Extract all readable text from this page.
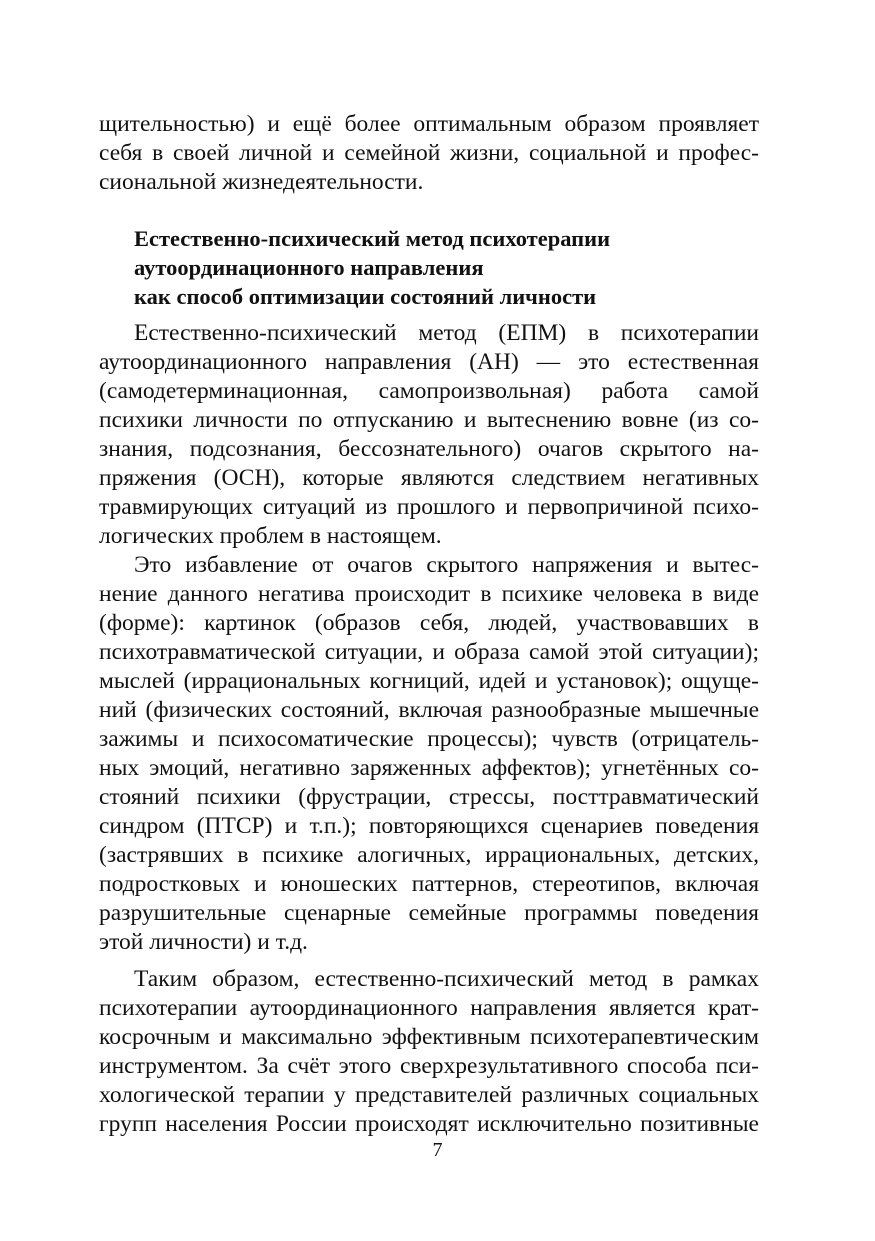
щительностью) и ещё более оптимальным образом проявляет
себя в своей личной и семейной жизни, социальной и профес-
сиональной жизнедеятельности.
Естественно-психический метод психотерапии
аутоординационного направления
как способ оптимизации состояний личности
Естественно-психический метод (ЕПМ) в психотерапии
аутоординационного направления (АН) — это естественная
(самодетерминационная, самопроизвольная) работа самой
психики личности по отпусканию и вытеснению вовне (из со-
знания, подсознания, бессознательного) очагов скрытого на-
пряжения (ОСН), которые являются следствием негативных
травмирующих ситуаций из прошлого и первопричиной психо-
логических проблем в настоящем.
Это избавление от очагов скрытого напряжения и вытес-
нение данного негатива происходит в психике человека в виде
(форме): картинок (образов себя, людей, участвовавших в
психотравматической ситуации, и образа самой этой ситуации);
мыслей (иррациональных когниций, идей и установок); ощуще-
ний (физических состояний, включая разнообразные мышечные
зажимы и психосоматические процессы); чувств (отрицатель-
ных эмоций, негативно заряженных аффектов); угнетённых со-
стояний психики (фрустрации, стрессы, посттравматический
синдром (ПТСР) и т.п.); повторяющихся сценариев поведения
(застрявших в психике алогичных, иррациональных, детских,
подростковых и юношеских паттернов, стереотипов, включая
разрушительные сценарные семейные программы поведения
этой личности) и т.д.
Таким образом, естественно-психический метод в рамках
психотерапии аутоординационного направления является крат-
косрочным и максимально эффективным психотерапевтическим
инструментом. За счёт этого сверхрезультативного способа пси-
хологической терапии у представителей различных социальных
групп населения России происходят исключительно позитивные
7
